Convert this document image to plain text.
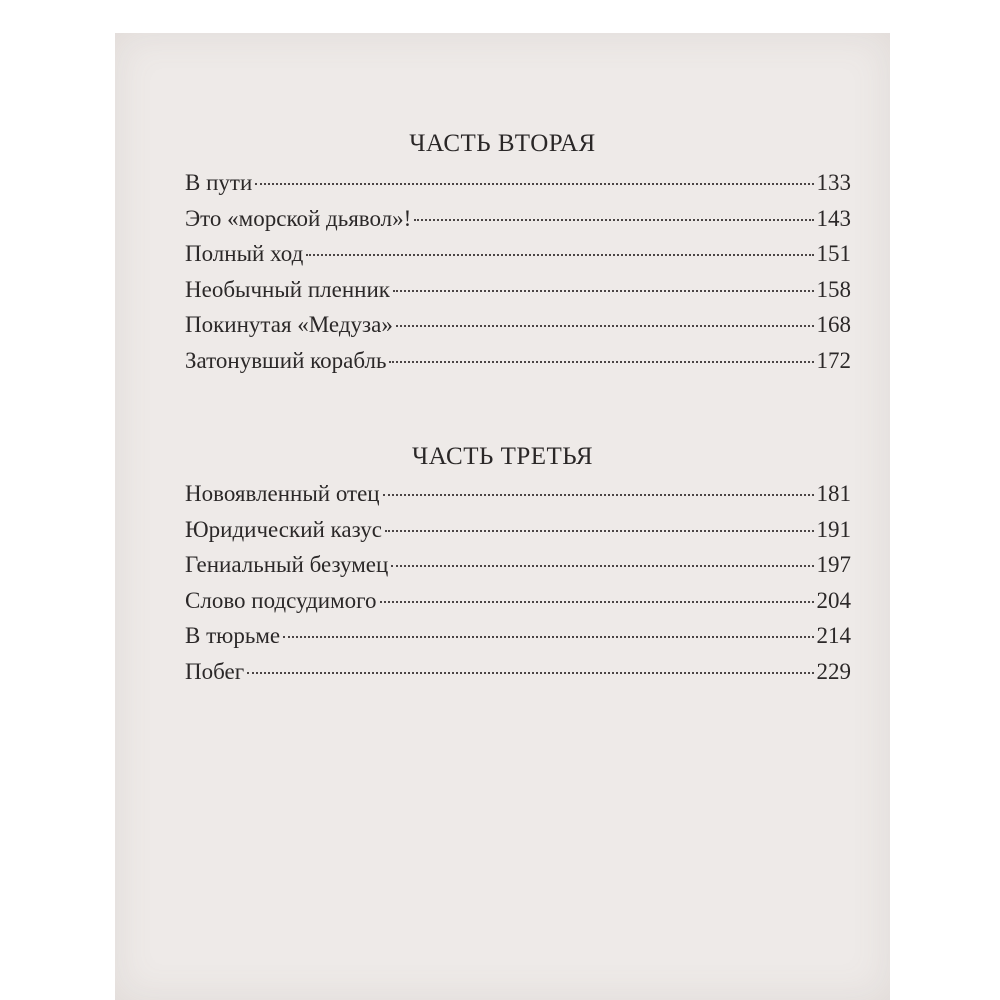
ЧАСТЬ ВТОРАЯ
В пути	133
Это «морской дьявол»!	143
Полный ход	151
Необычный пленник	158
Покинутая «Медуза»	168
Затонувший корабль	172
ЧАСТЬ ТРЕТЬЯ
Новоявленный отец	181
Юридический казус	191
Гениальный безумец	197
Слово подсудимого	204
В тюрьме	214
Побег	229
